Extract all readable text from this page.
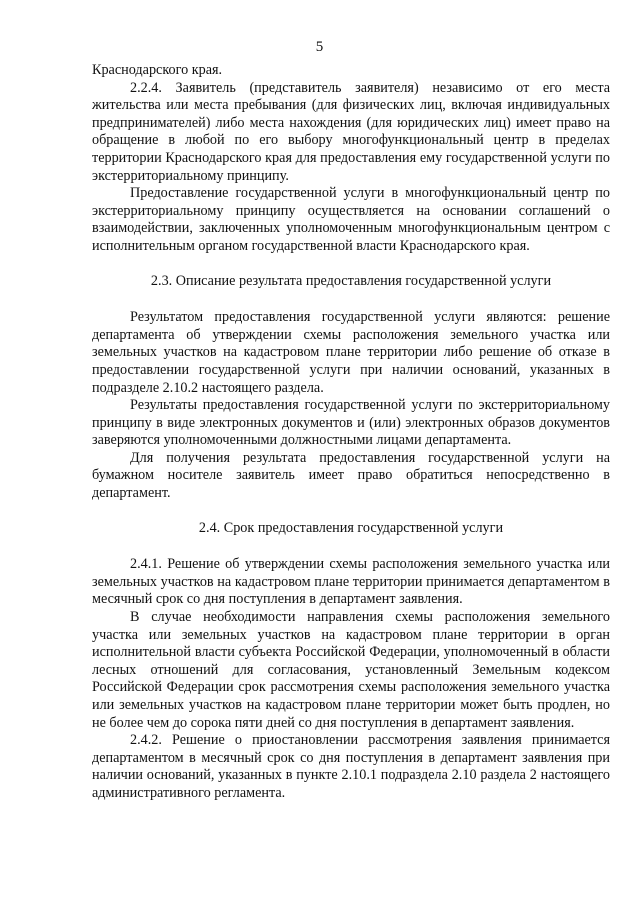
5

Краснодарского края.

2.2.4. Заявитель (представитель заявителя) независимо от его места жительства или места пребывания (для физических лиц, включая индивидуальных предпринимателей) либо места нахождения (для юридических лиц) имеет право на обращение в любой по его выбору многофункциональный центр в пределах территории Краснодарского края для предоставления ему государственной услуги по экстерриториальному принципу.

Предоставление государственной услуги в многофункциональный центр по экстерриториальному принципу осуществляется на основании соглашений о взаимодействии, заключенных уполномоченным многофункциональным центром с исполнительным органом государственной власти Краснодарского края.

2.3. Описание результата предоставления государственной услуги

Результатом предоставления государственной услуги являются: решение департамента об утверждении схемы расположения земельного участка или земельных участков на кадастровом плане территории либо решение об отказе в предоставлении государственной услуги при наличии оснований, указанных в подразделе 2.10.2 настоящего раздела.

Результаты предоставления государственной услуги по экстерриториальному принципу в виде электронных документов и (или) электронных образов документов заверяются уполномоченными должностными лицами департамента.

Для получения результата предоставления государственной услуги на бумажном носителе заявитель имеет право обратиться непосредственно в департамент.

2.4. Срок предоставления государственной услуги

2.4.1. Решение об утверждении схемы расположения земельного участка или земельных участков на кадастровом плане территории принимается департаментом в месячный срок со дня поступления в департамент заявления.

В случае необходимости направления схемы расположения земельного участка или земельных участков на кадастровом плане территории в орган исполнительной власти субъекта Российской Федерации, уполномоченный в области лесных отношений для согласования, установленный Земельным кодексом Российской Федерации срок рассмотрения схемы расположения земельного участка или земельных участков на кадастровом плане территории может быть продлен, но не более чем до сорока пяти дней со дня поступления в департамент заявления.

2.4.2. Решение о приостановлении рассмотрения заявления принимается департаментом в месячный срок со дня поступления в департамент заявления при наличии оснований, указанных в пункте 2.10.1 подраздела 2.10 раздела 2 настоящего административного регламента.
